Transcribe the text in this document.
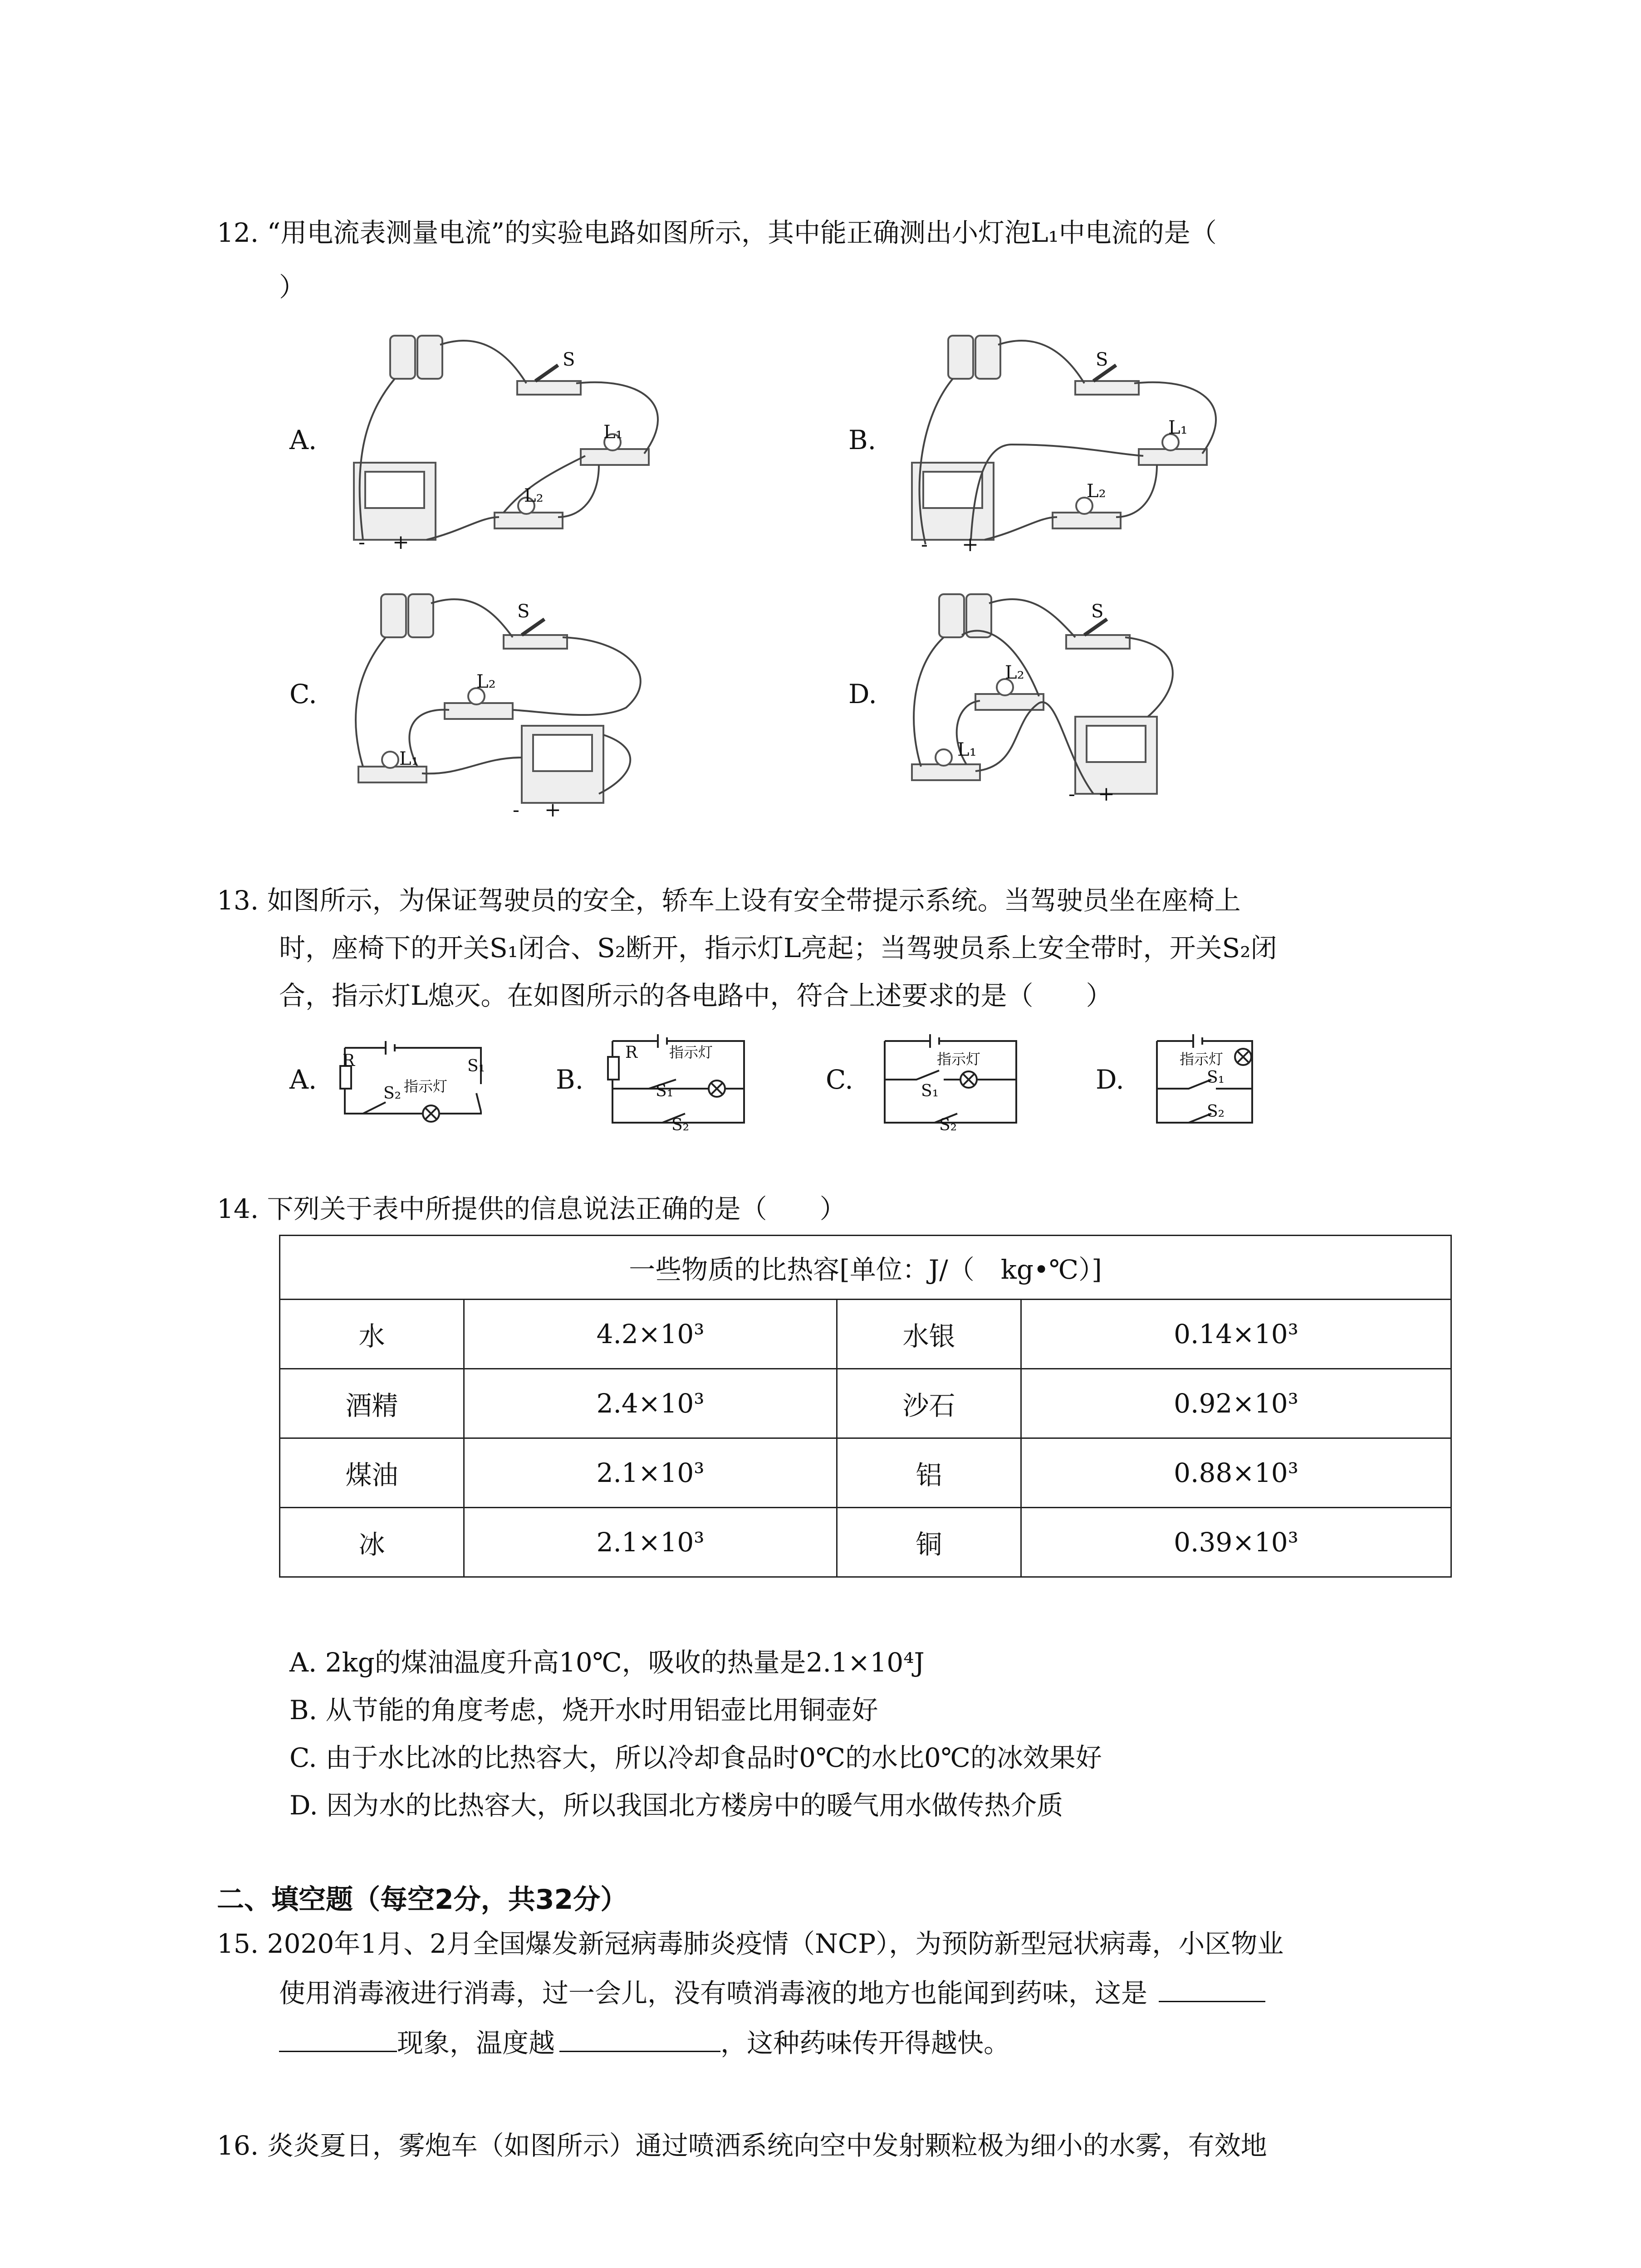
12. “用电流表测量电流”的实验电路如图所示，其中能正确测出小灯泡L₁中电流的是（
）
A.	B.
C.	D.
S
L₁
L₂
- +
S
L₁
L₂
- +
S
L₂
L₁
- +
S
L₂
L₁
- +
13. 如图所示，为保证驾驶员的安全，轿车上设有安全带提示系统。当驾驶员坐在座椅上
时，座椅下的开关S₁闭合、S₂断开，指示灯L亮起；当驾驶员系上安全带时，开关S₂闭
合，指示灯L熄灭。在如图所示的各电路中，符合上述要求的是（　　）
A.	B.	C.	D.
R	S₁
S₂ 指示灯
R 指示灯
S₁
S₂
指示灯
S₁
S₂
指示灯
S₁
S₂
14. 下列关于表中所提供的信息说法正确的是（　　）
一些物质的比热容[单位：J/（　kg•℃）]			
水	4.2×10³	水银	0.14×10³
酒精	2.4×10³	沙石	0.92×10³
煤油	2.1×10³	铝	0.88×10³
冰	2.1×10³	铜	0.39×10³
A. 2kg的煤油温度升高10℃，吸收的热量是2.1×10⁴J
B. 从节能的角度考虑，烧开水时用铝壶比用铜壶好
C. 由于水比冰的比热容大，所以冷却食品时0℃的水比0℃的冰效果好
D. 因为水的比热容大，所以我国北方楼房中的暖气用水做传热介质
二、填空题（每空2分，共32分）
15. 2020年1月、2月全国爆发新冠病毒肺炎疫情（NCP），为预防新型冠状病毒，小区物业
使用消毒液进行消毒，过一会儿，没有喷消毒液的地方也能闻到药味，这是
现象，温度越	，这种药味传开得越快。
16. 炎炎夏日，雾炮车（如图所示）通过喷洒系统向空中发射颗粒极为细小的水雾，有效地
